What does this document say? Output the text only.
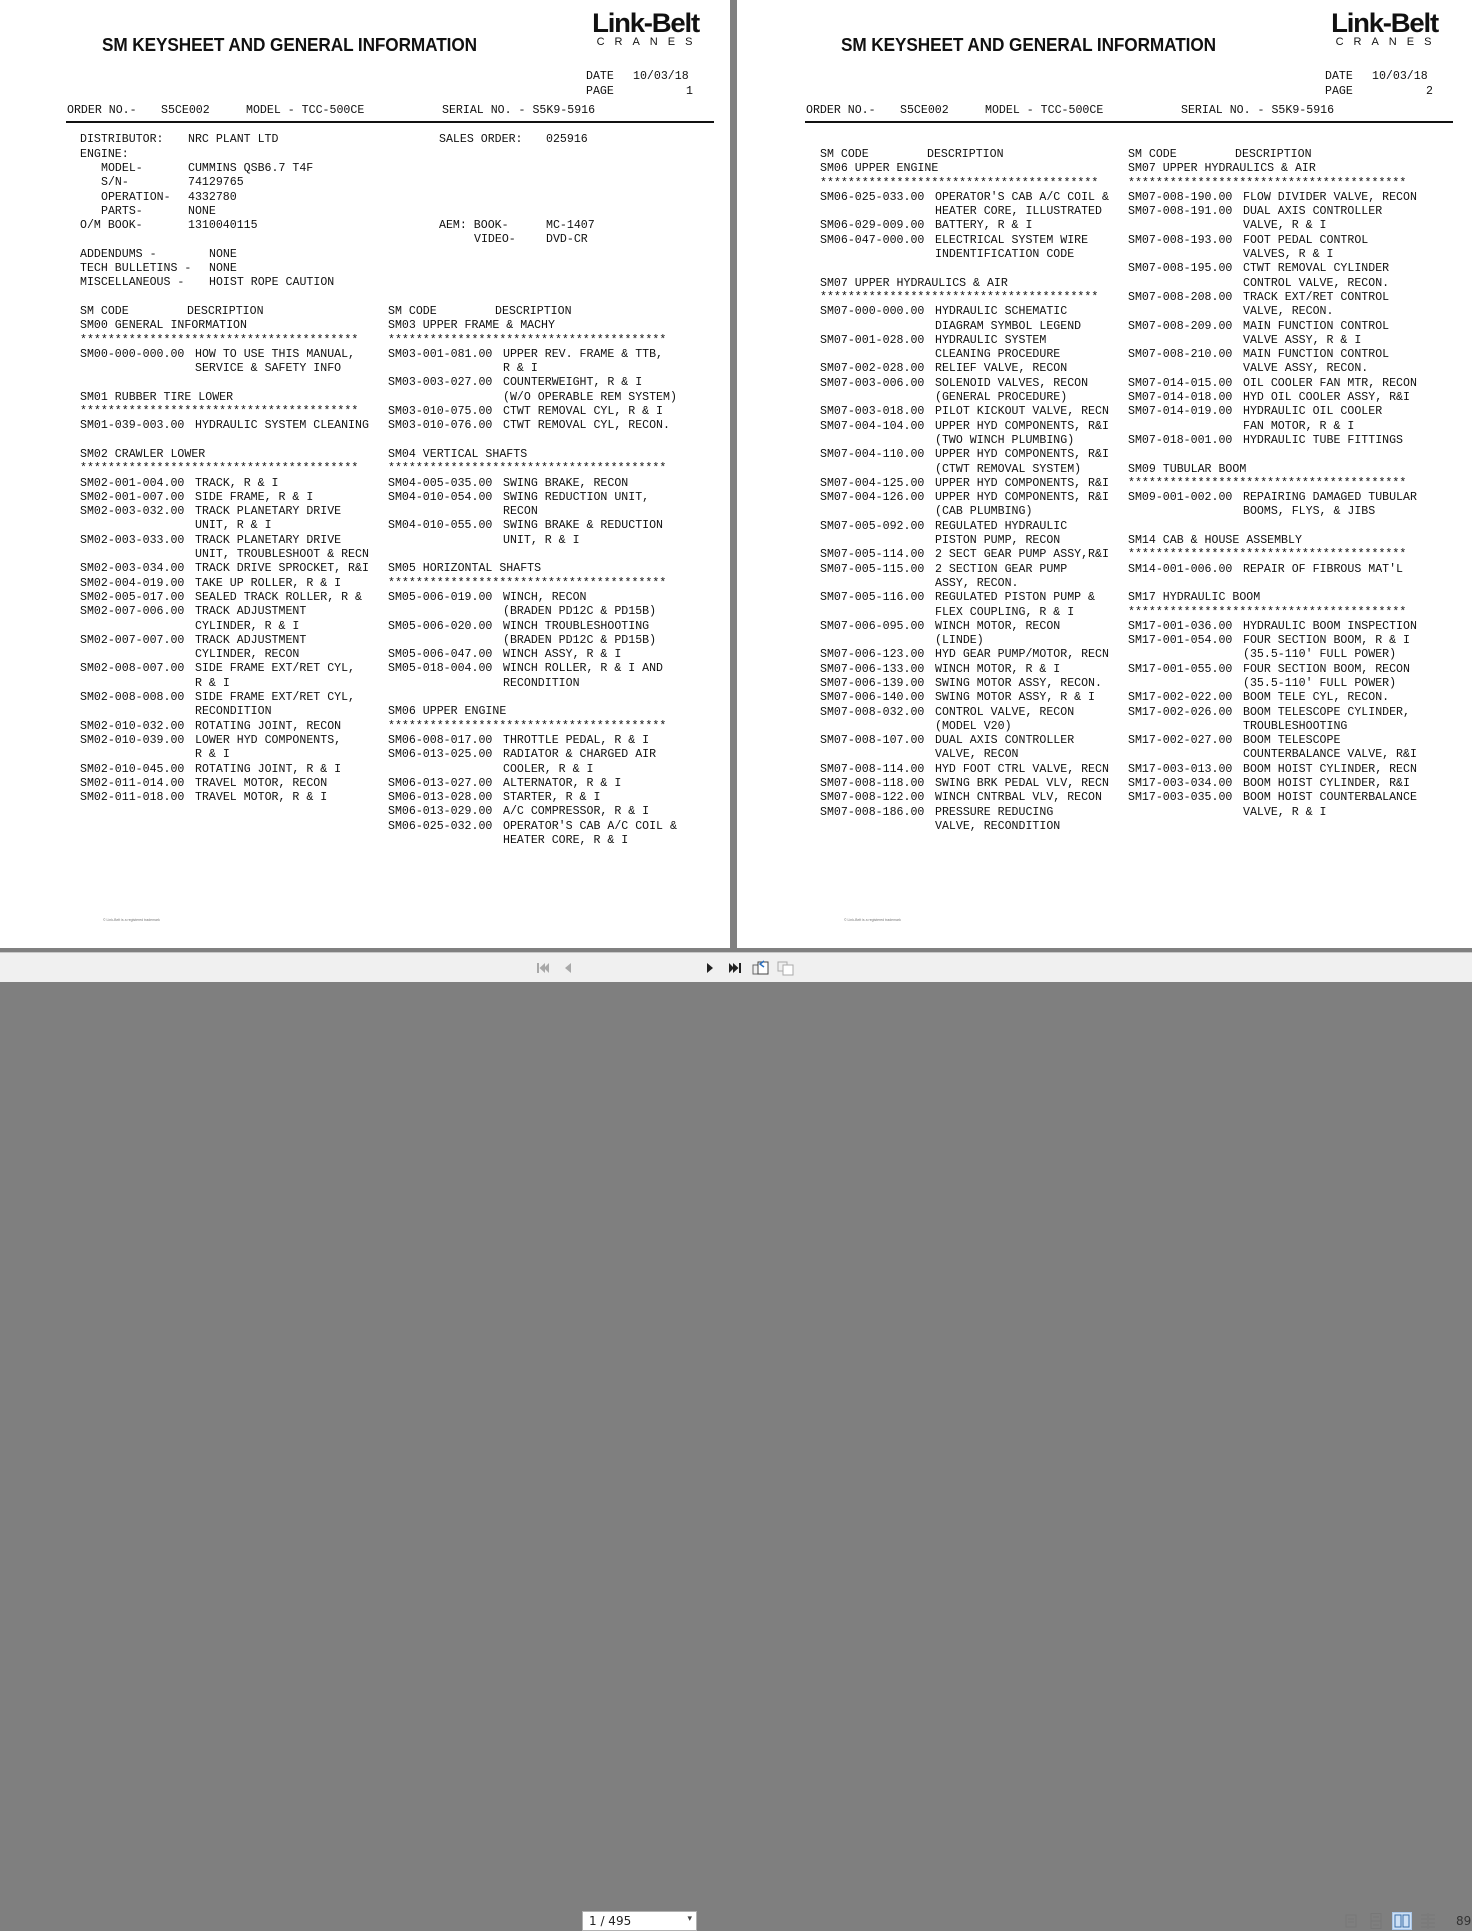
SM KEYSHEET AND GENERAL INFORMATION
Link-Belt
CRANES
DATE 10/03/18
PAGE	1
ORDER NO.- S5CE002	MODEL - TCC-500CE	SERIAL NO. - S5K9-5916
DISTRIBUTOR: NRC PLANT LTD	SALES ORDER: 025916
ENGINE:
MODEL-	CUMMINS QSB6.7 T4F
S/N-	74129765
OPERATION- 4332780
PARTS-	NONE
O/M BOOK-	1310040115	AEM: BOOK-	MC-1407
VIDEO-	DVD-CR
ADDENDUMS -	NONE
TECH BULLETINS - NONE
MISCELLANEOUS - HOIST ROPE CAUTION
SM CODE	DESCRIPTION
SM00 GENERAL INFORMATION
****************************************
SM00-000-000.00 HOW TO USE THIS MANUAL,
SERVICE & SAFETY INFO
SM01 RUBBER TIRE LOWER
****************************************
SM01-039-003.00 HYDRAULIC SYSTEM CLEANING
SM02 CRAWLER LOWER
****************************************
SM02-001-004.00 TRACK, R & I
SM02-001-007.00 SIDE FRAME, R & I
SM02-003-032.00 TRACK PLANETARY DRIVE
UNIT, R & I
SM02-003-033.00 TRACK PLANETARY DRIVE
UNIT, TROUBLESHOOT & RECN
SM02-003-034.00 TRACK DRIVE SPROCKET, R&I
SM02-004-019.00 TAKE UP ROLLER, R & I
SM02-005-017.00 SEALED TRACK ROLLER, R &
SM02-007-006.00 TRACK ADJUSTMENT
CYLINDER, R & I
SM02-007-007.00 TRACK ADJUSTMENT
CYLINDER, RECON
SM02-008-007.00 SIDE FRAME EXT/RET CYL,
R & I
SM02-008-008.00 SIDE FRAME EXT/RET CYL,
RECONDITION
SM02-010-032.00 ROTATING JOINT, RECON
SM02-010-039.00 LOWER HYD COMPONENTS,
R & I
SM02-010-045.00 ROTATING JOINT, R & I
SM02-011-014.00 TRAVEL MOTOR, RECON
SM02-011-018.00 TRAVEL MOTOR, R & I
SM CODE	DESCRIPTION
SM03 UPPER FRAME & MACHY
****************************************
SM03-001-081.00 UPPER REV. FRAME & TTB,
R & I
SM03-003-027.00 COUNTERWEIGHT, R & I
(W/O OPERABLE REM SYSTEM)
SM03-010-075.00 CTWT REMOVAL CYL, R & I
SM03-010-076.00 CTWT REMOVAL CYL, RECON.
SM04 VERTICAL SHAFTS
****************************************
SM04-005-035.00 SWING BRAKE, RECON
SM04-010-054.00 SWING REDUCTION UNIT,
RECON
SM04-010-055.00 SWING BRAKE & REDUCTION
UNIT, R & I
SM05 HORIZONTAL SHAFTS
****************************************
SM05-006-019.00 WINCH, RECON
(BRADEN PD12C & PD15B)
SM05-006-020.00 WINCH TROUBLESHOOTING
(BRADEN PD12C & PD15B)
SM05-006-047.00 WINCH ASSY, R & I
SM05-018-004.00 WINCH ROLLER, R & I AND
RECONDITION
SM06 UPPER ENGINE
****************************************
SM06-008-017.00 THROTTLE PEDAL, R & I
SM06-013-025.00 RADIATOR & CHARGED AIR
COOLER, R & I
SM06-013-027.00 ALTERNATOR, R & I
SM06-013-028.00 STARTER, R & I
SM06-013-029.00 A/C COMPRESSOR, R & I
SM06-025-032.00 OPERATOR'S CAB A/C COIL &
HEATER CORE, R & I
© Link-Belt is a registered trademark
SM KEYSHEET AND GENERAL INFORMATION
Link-Belt
CRANES
DATE 10/03/18
PAGE	2
ORDER NO.- S5CE002	MODEL - TCC-500CE	SERIAL NO. - S5K9-5916
SM CODE	DESCRIPTION
SM06 UPPER ENGINE
****************************************
SM06-025-033.00 OPERATOR'S CAB A/C COIL &
HEATER CORE, ILLUSTRATED
SM06-029-009.00 BATTERY, R & I
SM06-047-000.00 ELECTRICAL SYSTEM WIRE
INDENTIFICATION CODE
SM07 UPPER HYDRAULICS & AIR
****************************************
SM07-000-000.00 HYDRAULIC SCHEMATIC
DIAGRAM SYMBOL LEGEND
SM07-001-028.00 HYDRAULIC SYSTEM
CLEANING PROCEDURE
SM07-002-028.00 RELIEF VALVE, RECON
SM07-003-006.00 SOLENOID VALVES, RECON
(GENERAL PROCEDURE)
SM07-003-018.00 PILOT KICKOUT VALVE, RECN
SM07-004-104.00 UPPER HYD COMPONENTS, R&I
(TWO WINCH PLUMBING)
SM07-004-110.00 UPPER HYD COMPONENTS, R&I
(CTWT REMOVAL SYSTEM)
SM07-004-125.00 UPPER HYD COMPONENTS, R&I
SM07-004-126.00 UPPER HYD COMPONENTS, R&I
(CAB PLUMBING)
SM07-005-092.00 REGULATED HYDRAULIC
PISTON PUMP, RECON
SM07-005-114.00 2 SECT GEAR PUMP ASSY,R&I
SM07-005-115.00 2 SECTION GEAR PUMP
ASSY, RECON.
SM07-005-116.00 REGULATED PISTON PUMP &
FLEX COUPLING, R & I
SM07-006-095.00 WINCH MOTOR, RECON
(LINDE)
SM07-006-123.00 HYD GEAR PUMP/MOTOR, RECN
SM07-006-133.00 WINCH MOTOR, R & I
SM07-006-139.00 SWING MOTOR ASSY, RECON.
SM07-006-140.00 SWING MOTOR ASSY, R & I
SM07-008-032.00 CONTROL VALVE, RECON
(MODEL V20)
SM07-008-107.00 DUAL AXIS CONTROLLER
VALVE, RECON
SM07-008-114.00 HYD FOOT CTRL VALVE, RECN
SM07-008-118.00 SWING BRK PEDAL VLV, RECN
SM07-008-122.00 WINCH CNTRBAL VLV, RECON
SM07-008-186.00 PRESSURE REDUCING
VALVE, RECONDITION
SM CODE	DESCRIPTION
SM07 UPPER HYDRAULICS & AIR
****************************************
SM07-008-190.00 FLOW DIVIDER VALVE, RECON
SM07-008-191.00 DUAL AXIS CONTROLLER
VALVE, R & I
SM07-008-193.00 FOOT PEDAL CONTROL
VALVES, R & I
SM07-008-195.00 CTWT REMOVAL CYLINDER
CONTROL VALVE, RECON.
SM07-008-208.00 TRACK EXT/RET CONTROL
VALVE, RECON.
SM07-008-209.00 MAIN FUNCTION CONTROL
VALVE ASSY, R & I
SM07-008-210.00 MAIN FUNCTION CONTROL
VALVE ASSY, RECON.
SM07-014-015.00 OIL COOLER FAN MTR, RECON
SM07-014-018.00 HYD OIL COOLER ASSY, R&I
SM07-014-019.00 HYDRAULIC OIL COOLER
FAN MOTOR, R & I
SM07-018-001.00 HYDRAULIC TUBE FITTINGS
SM09 TUBULAR BOOM
****************************************
SM09-001-002.00 REPAIRING DAMAGED TUBULAR
BOOMS, FLYS, & JIBS
SM14 CAB & HOUSE ASSEMBLY
****************************************
SM14-001-006.00 REPAIR OF FIBROUS MAT'L
SM17 HYDRAULIC BOOM
****************************************
SM17-001-036.00 HYDRAULIC BOOM INSPECTION
SM17-001-054.00 FOUR SECTION BOOM, R & I
(35.5-110' FULL POWER)
SM17-001-055.00 FOUR SECTION BOOM, RECON
(35.5-110' FULL POWER)
SM17-002-022.00 BOOM TELE CYL, RECON.
SM17-002-026.00 BOOM TELESCOPE CYLINDER,
TROUBLESHOOTING
SM17-002-027.00 BOOM TELESCOPE
COUNTERBALANCE VALVE, R&I
SM17-003-013.00 BOOM HOIST CYLINDER, RECN
SM17-003-034.00 BOOM HOIST CYLINDER, R&I
SM17-003-035.00 BOOM HOIST COUNTERBALANCE
VALVE, R & I
© Link-Belt is a registered trademark
1 / 495	▾	89
